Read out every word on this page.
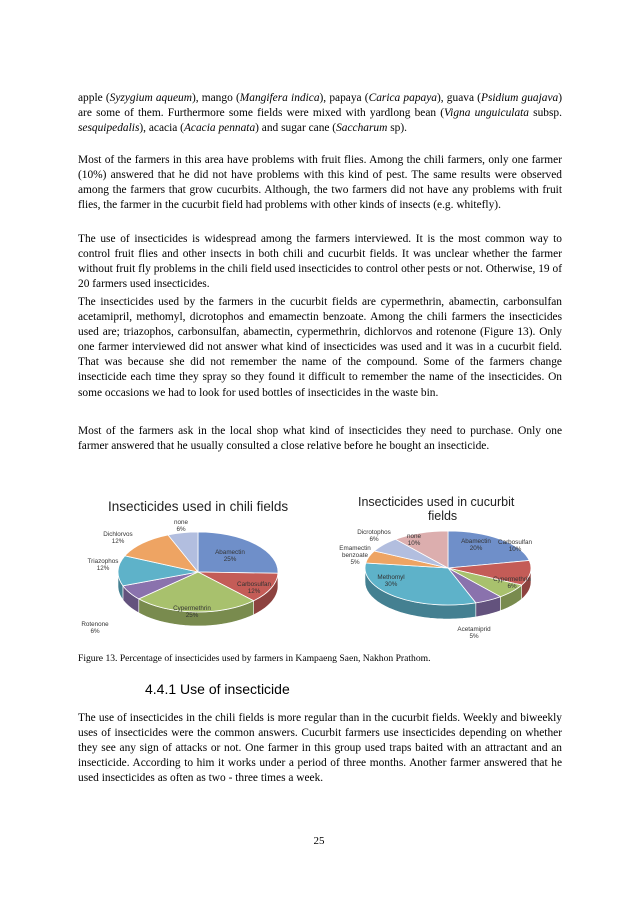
apple (Syzygium aqueum), mango (Mangifera indica), papaya (Carica papaya), guava (Psidium guajava) are some of them. Furthermore some fields were mixed with yardlong bean (Vigna unguiculata subsp. sesquipedalis), acacia (Acacia pennata) and sugar cane (Saccharum sp).

Most of the farmers in this area have problems with fruit flies. Among the chili farmers, only one farmer (10%) answered that he did not have problems with this kind of pest. The same results were observed among the farmers that grow cucurbits. Although, the two farmers did not have any problems with fruit flies, the farmer in the cucurbit field had problems with other kinds of insects (e.g. whitefly).

The use of insecticides is widespread among the farmers interviewed. It is the most common way to control fruit flies and other insects in both chili and cucurbit fields. It was unclear whether the farmer without fruit fly problems in the chili field used insecticides to control other pests or not. Otherwise, 19 of 20 farmers used insecticides.

The insecticides used by the farmers in the cucurbit fields are cypermethrin, abamectin, carbonsulfan acetamipril, methomyl, dicrotophos and emamectin benzoate. Among the chili farmers the insecticides used are; triazophos, carbonsulfan, abamectin, cypermethrin, dichlorvos and rotenone (Figure 13). Only one farmer interviewed did not answer what kind of insecticides was used and it was in a cucurbit field. That was because she did not remember the name of the compound. Some of the farmers change insecticide each time they spray so they found it difficult to remember the name of the insecticides. On some occasions we had to look for used bottles of insecticides in the waste bin.

Most of the farmers ask in the local shop what kind of insecticides they need to purchase. Only one farmer answered that he usually consulted a close relative before he bought an insecticide.

Insecticides used in chili fields
Abamectin 25%
Carbosulfan 12%
Cypermethrin 25%
Rotenone 6%
Triazophos 12%
Dichlorvos 12%
none 6%
Insecticides used in cucurbit
fields
Abamectin 20%
Carbosulfan 10%
Cypermethrin 6%
Acetamiprid 5%
Methomyl 30%
Emamectin benzoate 5%
Dicrotophos 6%	none 10%

Figure 13. Percentage of insecticides used by farmers in Kampaeng Saen, Nakhon Prathom.

4.4.1 Use of insecticide

The use of insecticides in the chili fields is more regular than in the cucurbit fields. Weekly and biweekly uses of insecticides were the common answers. Cucurbit farmers use insecticides depending on whether they see any sign of attacks or not. One farmer in this group used traps baited with an attractant and an insecticide. According to him it works under a period of three months. Another farmer answered that he used insecticides as often as two - three times a week.

25
